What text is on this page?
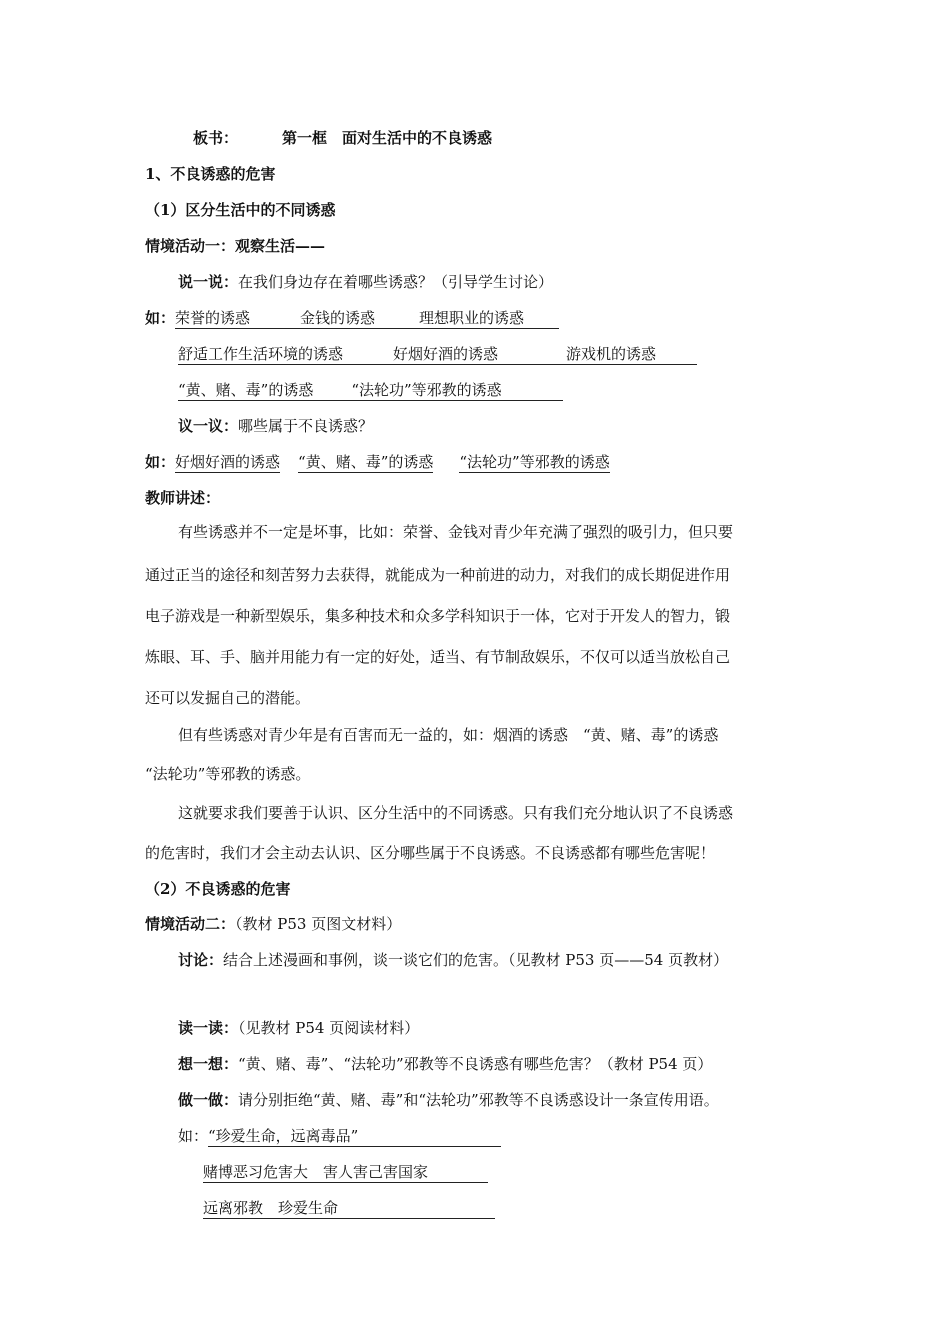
板书：	第一框　面对生活中的不良诱惑
1、不良诱惑的危害
（1）区分生活中的不同诱惑
情境活动一：观察生活——
说一说：在我们身边存在着哪些诱惑？（引导学生讨论）
如：荣誉的诱惑	金钱的诱惑	理想职业的诱惑
舒适工作生活环境的诱惑	好烟好酒的诱惑	游戏机的诱惑
“黄、赌、毒”的诱惑	“法轮功”等邪教的诱惑
议一议：哪些属于不良诱惑？
如：好烟好酒的诱惑 “黄、赌、毒”的诱惑 “法轮功”等邪教的诱惑
教师讲述：
有些诱惑并不一定是坏事，比如：荣誉、金钱对青少年充满了强烈的吸引力，但只要
通过正当的途径和刻苦努力去获得，就能成为一种前进的动力，对我们的成长期促进作用
电子游戏是一种新型娱乐，集多种技术和众多学科知识于一体，它对于开发人的智力，锻
炼眼、耳、手、脑并用能力有一定的好处，适当、有节制敌娱乐，不仅可以适当放松自己
还可以发掘自己的潜能。
但有些诱惑对青少年是有百害而无一益的，如：烟酒的诱惑　“黄、赌、毒”的诱惑
“法轮功”等邪教的诱惑。
这就要求我们要善于认识、区分生活中的不同诱惑。只有我们充分地认识了不良诱惑
的危害时，我们才会主动去认识、区分哪些属于不良诱惑。不良诱惑都有哪些危害呢！
（2）不良诱惑的危害
情境活动二：（教材 P53 页图文材料）
讨论：结合上述漫画和事例，谈一谈它们的危害。（见教材 P53 页——54 页教材）
读一读：（见教材 P54 页阅读材料）
想一想：“黄、赌、毒”、“法轮功”邪教等不良诱惑有哪些危害？（教材 P54 页）
做一做：请分别拒绝“黄、赌、毒”和“法轮功”邪教等不良诱惑设计一条宣传用语。
如：“珍爱生命，远离毒品”
赌博恶习危害大　害人害己害国家
远离邪教　珍爱生命
